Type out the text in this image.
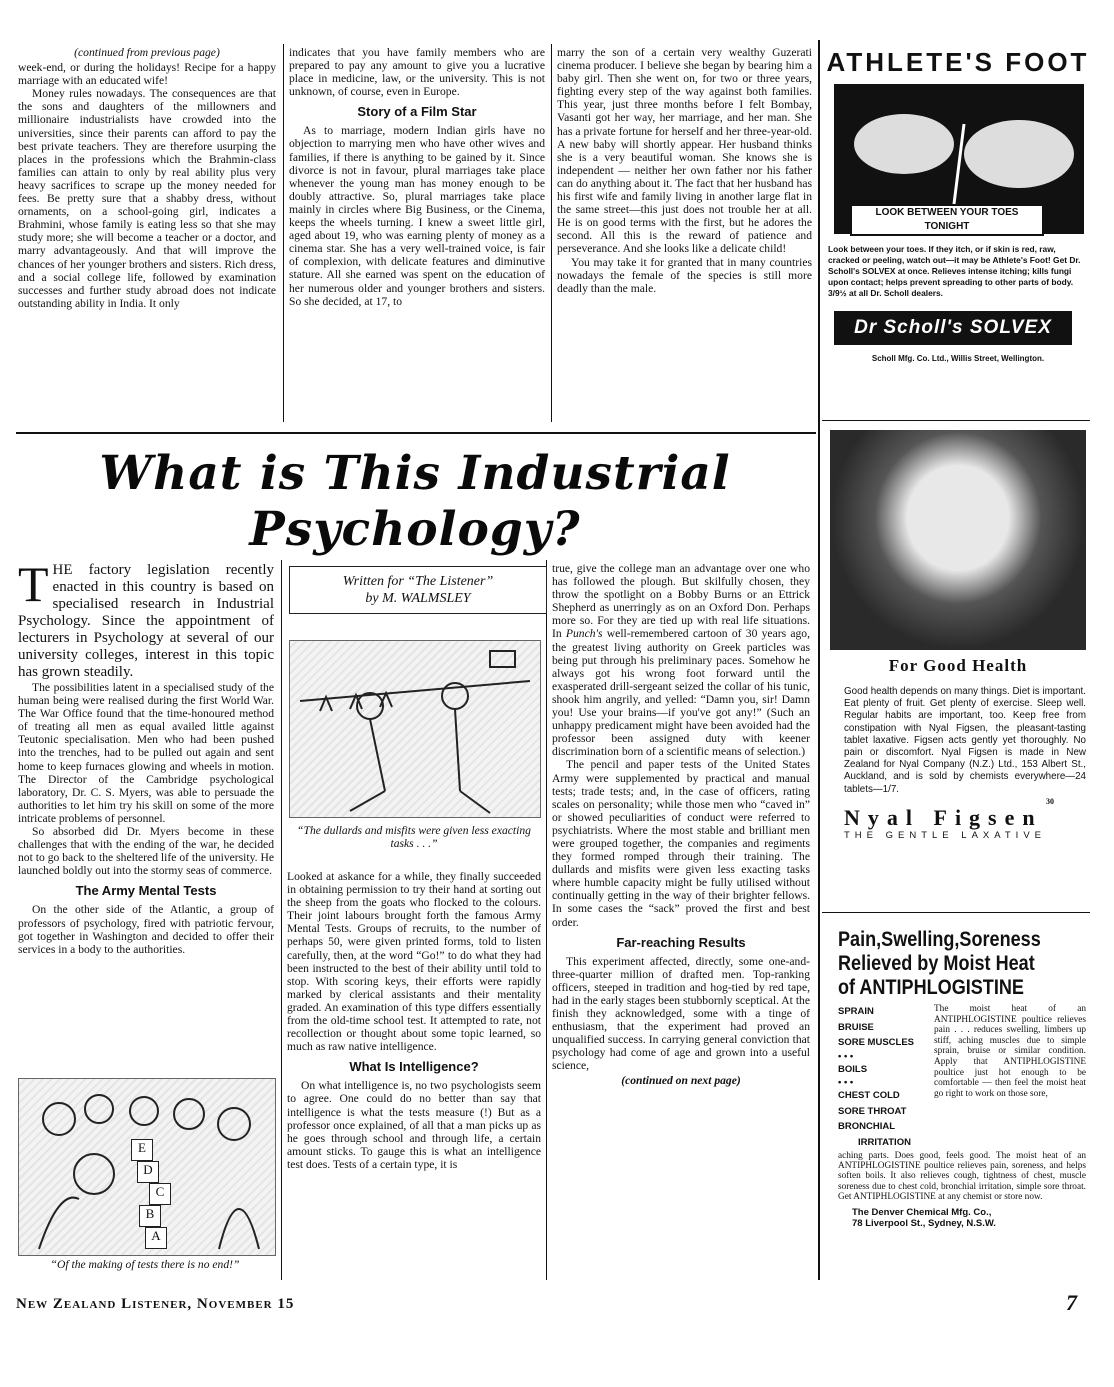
(continued from previous page)

week-end, or during the holidays! Recipe for a happy marriage with an educated wife!

Money rules nowadays. The consequences are that the sons and daughters of the millowners and millionaire industrialists have crowded into the universities, since their parents can afford to pay the best private teachers. They are therefore usurping the places in the professions which the Brahmin-class families can attain to only by real ability plus very heavy sacrifices to scrape up the money needed for fees. Be pretty sure that a shabby dress, without ornaments, on a school-going girl, indicates a Brahmini, whose family is eating less so that she may study more; she will become a teacher or a doctor, and marry advantageously. And that will improve the chances of her younger brothers and sisters. Rich dress, and a social college life, followed by examination successes and further study abroad does not indicate outstanding ability in India. It only

indicates that you have family members who are prepared to pay any amount to give you a lucrative place in medicine, law, or the university. This is not unknown, of course, even in Europe.

Story of a Film Star

As to marriage, modern Indian girls have no objection to marrying men who have other wives and families, if there is anything to be gained by it. Since divorce is not in favour, plural marriages take place whenever the young man has money enough to be doubly attractive. So, plural marriages take place mainly in circles where Big Business, or the Cinema, keeps the wheels turning. I knew a sweet little girl, aged about 19, who was earning plenty of money as a cinema star. She has a very well-trained voice, is fair of complexion, with delicate features and diminutive stature. All she earned was spent on the education of her numerous older and younger brothers and sisters. So she decided, at 17, to

marry the son of a certain very wealthy Guzerati cinema producer. I believe she began by bearing him a baby girl. Then she went on, for two or three years, fighting every step of the way against both families. This year, just three months before I felt Bombay, Vasanti got her way, her marriage, and her man. She has a private fortune for herself and her three-year-old. A new baby will shortly appear. Her husband thinks she is a very beautiful woman. She knows she is independent — neither her own father nor his father can do anything about it. The fact that her husband has his first wife and family living in another large flat in the same street—this just does not trouble her at all. He is on good terms with the first, but he adores the second. All this is the reward of patience and perseverance. And she looks like a delicate child!

You may take it for granted that in many countries nowadays the female of the species is still more deadly than the male.

What is This Industrial
Psychology?
T HE factory legislation recently enacted in this country is based on specialised research in Industrial Psychology. Since the appointment of lecturers in Psychology at several of our university colleges, interest in this topic has grown steadily.

The possibilities latent in a specialised study of the human being were realised during the first World War. The War Office found that the time-honoured method of treating all men as equal availed little against Teutonic specialisation. Men who had been pushed into the trenches, had to be pulled out again and sent home to keep furnaces glowing and wheels in motion. The Director of the Cambridge psychological laboratory, Dr. C. S. Myers, was able to persuade the authorities to let him try his skill on some of the more intricate problems of personnel.

So absorbed did Dr. Myers become in these challenges that with the ending of the war, he decided not to go back to the sheltered life of the university. He launched boldly out into the stormy seas of commerce.

The Army Mental Tests

On the other side of the Atlantic, a group of professors of psychology, fired with patriotic fervour, got together in Washington and decided to offer their services in a body to the authorities.

E
D
C
B
A
“Of the making of tests there is no end!”
Written for “The Listener”
by M. WALMSLEY
“The dullards and misfits were given less exacting tasks . . .”

Looked at askance for a while, they finally succeeded in obtaining permission to try their hand at sorting out the sheep from the goats who flocked to the colours. Their joint labours brought forth the famous Army Mental Tests. Groups of recruits, to the number of perhaps 50, were given printed forms, told to listen carefully, then, at the word “Go!” to do what they had been instructed to the best of their ability until told to stop. With scoring keys, their efforts were rapidly marked by clerical assistants and their mentality graded. An examination of this type differs essentially from the old-time school test. It attempted to rate, not recollection or thought about some topic learned, so much as raw native intelligence.

What Is Intelligence?

On what intelligence is, no two psychologists seem to agree. One could do no better than say that intelligence is what the tests measure (!) But as a professor once explained, of all that a man picks up as he goes through school and through life, a certain amount sticks. To gauge this is what an intelligence test does. Tests of a certain type, it is

true, give the college man an advantage over one who has followed the plough. But skilfully chosen, they throw the spotlight on a Bobby Burns or an Ettrick Shepherd as unerringly as on an Oxford Don. Perhaps more so. For they are tied up with real life situations. In Punch's well-remembered cartoon of 30 years ago, the greatest living authority on Greek particles was being put through his preliminary paces. Somehow he always got his wrong foot forward until the exasperated drill-sergeant seized the collar of his tunic, shook him angrily, and yelled: “Damn you, sir! Damn you! Use your brains—if you've got any!” (Such an unhappy predicament might have been avoided had the professor been assigned duty with keener discrimination born of a scientific means of selection.)

The pencil and paper tests of the United States Army were supplemented by practical and manual tests; trade tests; and, in the case of officers, rating scales on personality; while those men who “caved in” or showed peculiarities of conduct were referred to psychiatrists. Where the most stable and brilliant men were grouped together, the companies and regiments they formed romped through their training. The dullards and misfits were given less exacting tasks where humble capacity might be fully utilised without continually getting in the way of their brighter fellows. In some cases the “sack” proved the first and best order.

Far-reaching Results

This experiment affected, directly, some one-and-three-quarter million of drafted men. Top-ranking officers, steeped in tradition and hog-tied by red tape, had in the early stages been stubbornly sceptical. At the finish they acknowledged, some with a tinge of enthusiasm, that the experiment had proved an unqualified success. In carrying general conviction that psychology had come of age and grown into a useful science,

(continued on next page)
New Zealand Listener, November 15	7
ATHLETE'S FOOT
LOOK BETWEEN YOUR TOES TONIGHT
Look between your toes. If they itch, or if skin is red, raw, cracked or peeling, watch out—it may be Athlete's Foot! Get Dr. Scholl's SOLVEX at once. Relieves intense itching; kills fungi upon contact; helps prevent spreading to other parts of body. 3/9½ at all Dr. Scholl dealers.
Dr Scholl's SOLVEX
Scholl Mfg. Co. Ltd., Willis Street, Wellington.
For Good Health
Good health depends on many things. Diet is important. Eat plenty of fruit. Get plenty of exercise. Sleep well. Regular habits are important, too. Keep free from constipation with Nyal Figsen, the pleasant-tasting tablet laxative. Figsen acts gently yet thoroughly. No pain or discomfort. Nyal Figsen is made in New Zealand for Nyal Company (N.Z.) Ltd., 153 Albert St., Auckland, and is sold by chemists everywhere—24 tablets—1/7.
30
Nyal Figsen
THE GENTLE LAXATIVE
Pain,Swelling,Soreness
Relieved by Moist Heat
of ANTIPHLOGISTINE
SPRAIN
BRUISE
SORE MUSCLES
• • •
BOILS
• • •
CHEST COLD
SORE THROAT
BRONCHIAL
IRRITATION
The moist heat of an ANTIPHLOGISTINE poultice relieves pain . . . reduces swelling, limbers up stiff, aching muscles due to simple sprain, bruise or similar condition. Apply that ANTIPHLOGISTINE poultice just hot enough to be comfortable — then feel the moist heat go right to work on those sore,
aching parts. Does good, feels good. The moist heat of an ANTIPHLOGISTINE poultice relieves pain, soreness, and helps soften boils. It also relieves cough, tightness of chest, muscle soreness due to chest cold, bronchial irritation, simple sore throat. Get ANTIPHLOGISTINE at any chemist or store now.
The Denver Chemical Mfg. Co.,
78 Liverpool St., Sydney, N.S.W.
